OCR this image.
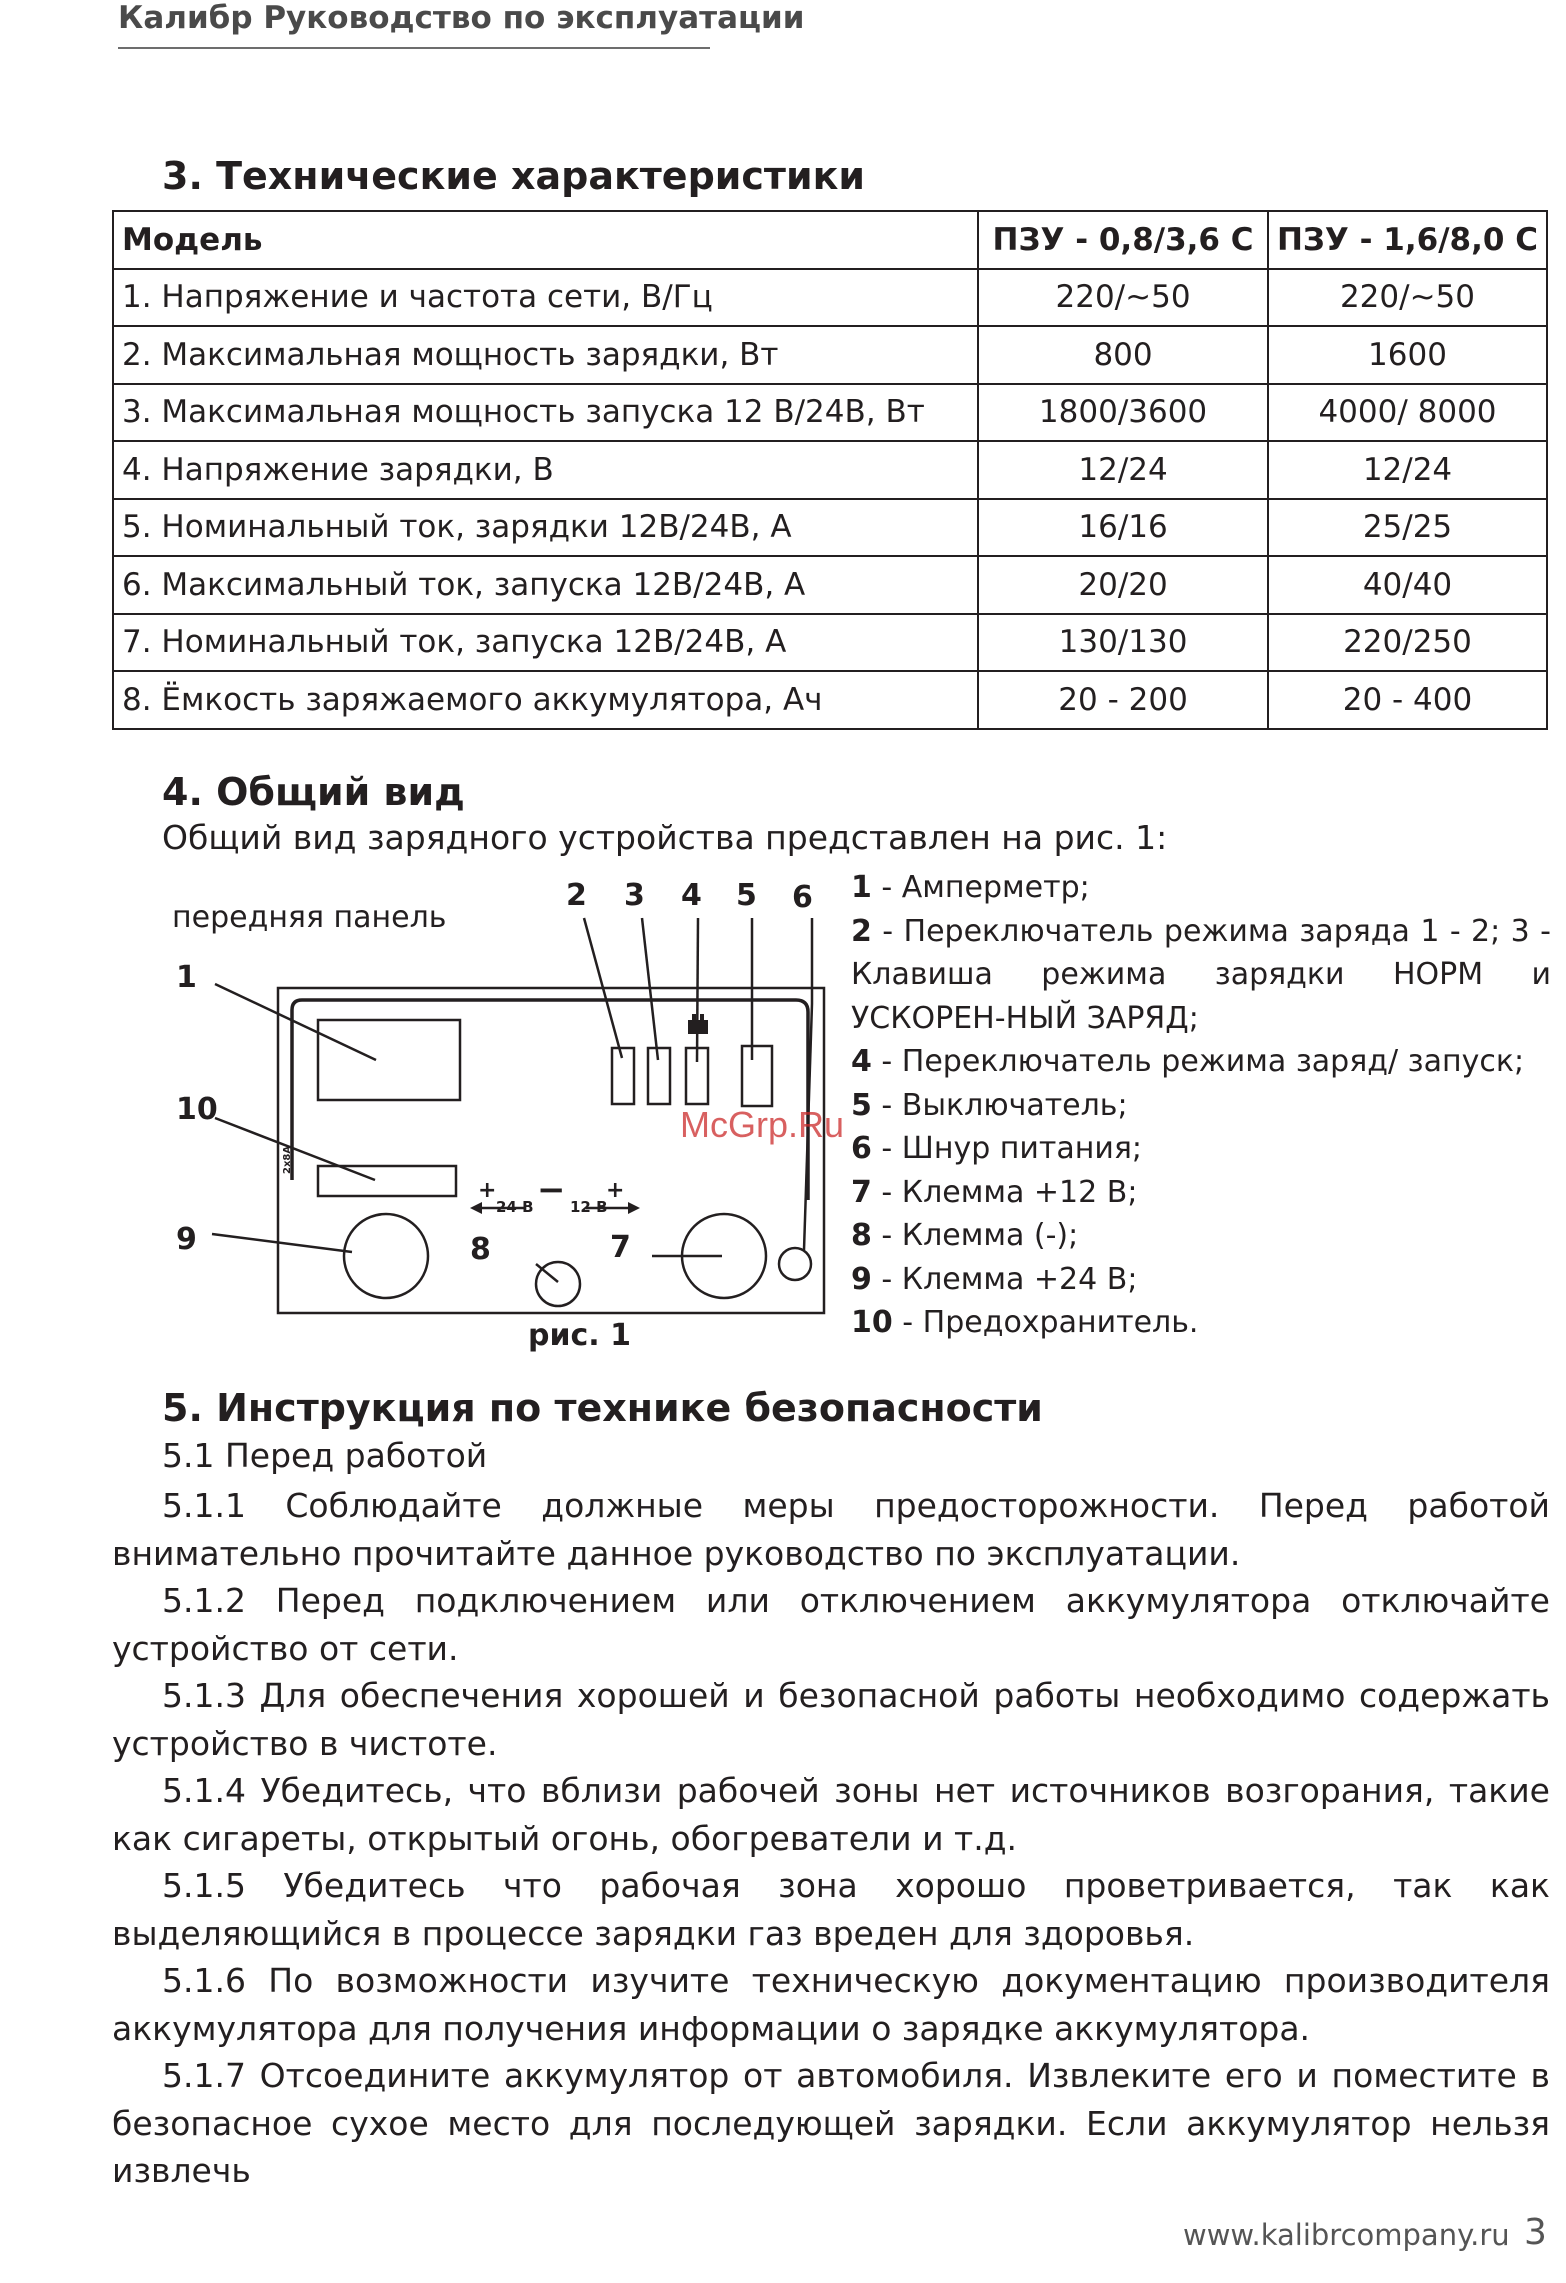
Калибр Руководство по эксплуатации
3. Технические характеристики
Модель	ПЗУ - 0,8/3,6 С	ПЗУ - 1,6/8,0 С
1. Напряжение и частота сети, В/Гц	220/~50	220/~50
2. Максимальная мощность зарядки, Вт	800	1600
3. Максимальная мощность запуска 12 В/24В, Вт	1800/3600	4000/ 8000
4. Напряжение зарядки, В	12/24	12/24
5. Номинальный ток, зарядки 12В/24В, А	16/16	25/25
6. Максимальный ток, запуска 12В/24В, А	20/20	40/40
7. Номинальный ток, запуска 12В/24В, А	130/130	220/250
8. Ёмкость заряжаемого аккумулятора, Ач	20 - 200	20 - 400
4. Общий вид
Общий вид зарядного устройства представлен на рис. 1:
передняя панель
1
10
9
2 3 4 5 6
8	7
+ − +
24 В 12 В
2x8A
рис. 1
McGrp.Ru
1 - Амперметр;
2 - Переключатель режима заряда 1 - 2; 3 - Клавиша режима зарядки НОРМ и УСКОРЕН-НЫЙ ЗАРЯД;
4 - Переключатель режима заряд/ запуск;
5 - Выключатель;
6 - Шнур питания;
7 - Клемма +12 В;
8 - Клемма (-);
9 - Клемма +24 В;
10 - Предохранитель.
5. Инструкция по технике безопасности
5.1 Перед работой

5.1.1 Соблюдайте должные меры предосторожности. Перед работой внимательно прочитайте данное руководство по эксплуатации.

5.1.2 Перед подключением или отключением аккумулятора отключайте устройство от сети.

5.1.3 Для обеспечения хорошей и безопасной работы необходимо содержать устройство в чистоте.

5.1.4 Убедитесь, что вблизи рабочей зоны нет источников возгорания, такие как сигареты, открытый огонь, обогреватели и т.д.

5.1.5 Убедитесь что рабочая зона хорошо проветривается, так как выделяющийся в процессе зарядки газ вреден для здоровья.

5.1.6 По возможности изучите техническую документацию производителя аккумулятора для получения информации о зарядке аккумулятора.

5.1.7 Отсоедините аккумулятор от автомобиля. Извлеките его и поместите в безопасное сухое место для последующей зарядки. Если аккумулятор нельзя извлечь

www.kalibrcompany.ru 3
